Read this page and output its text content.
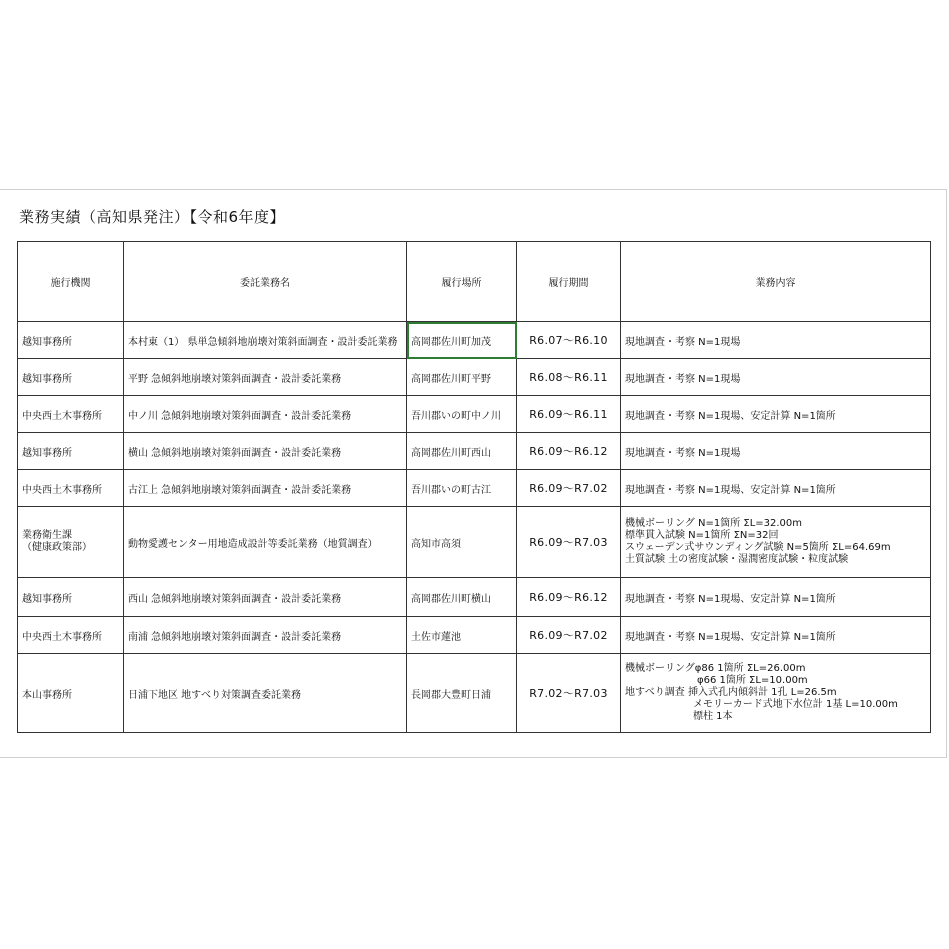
業務実績（高知県発注）【令和6年度】
施行機関	委託業務名	履行場所	履行期間	業務内容
越知事務所	本村東（1） 県単急傾斜地崩壊対策斜面調査・設計委託業務	高岡郡佐川町加茂	R6.07～R6.10	現地調査・考察 N=1現場
越知事務所	平野 急傾斜地崩壊対策斜面調査・設計委託業務	高岡郡佐川町平野	R6.08～R6.11	現地調査・考察 N=1現場
中央西土木事務所	中ノ川 急傾斜地崩壊対策斜面調査・設計委託業務	吾川郡いの町中ノ川	R6.09～R6.11	現地調査・考察 N=1現場、安定計算 N=1箇所
越知事務所	横山 急傾斜地崩壊対策斜面調査・設計委託業務	高岡郡佐川町西山	R6.09～R6.12	現地調査・考察 N=1現場
中央西土木事務所	古江上 急傾斜地崩壊対策斜面調査・設計委託業務	吾川郡いの町古江	R6.09～R7.02	現地調査・考察 N=1現場、安定計算 N=1箇所

業務衛生課
（健康政策部）	動物愛護センター用地造成設計等委託業務（地質調査）	高知市高須	R6.09～R7.03	機械ボーリング N=1箇所 ΣL=32.00m
標準貫入試験 N=1箇所 ΣN=32回
スウェーデン式サウンディング試験 N=5箇所 ΣL=64.69m
土質試験 土の密度試験・湿潤密度試験・粒度試験

越知事務所	西山 急傾斜地崩壊対策斜面調査・設計委託業務	高岡郡佐川町横山	R6.09～R6.12	現地調査・考察 N=1現場、安定計算 N=1箇所
中央西土木事務所	南浦 急傾斜地崩壊対策斜面調査・設計委託業務	土佐市蓮池	R6.09～R7.02	現地調査・考察 N=1現場、安定計算 N=1箇所
本山事務所	日浦下地区 地すべり対策調査委託業務	長岡郡大豊町日浦	R7.02～R7.03	機械ボーリングφ86 1箇所 ΣL=26.00m
φ66 1箇所 ΣL=10.00m
地すべり調査 挿入式孔内傾斜計 1孔 L=26.5m
メモリーカード式地下水位計 1基 L=10.00m
標柱 1本
